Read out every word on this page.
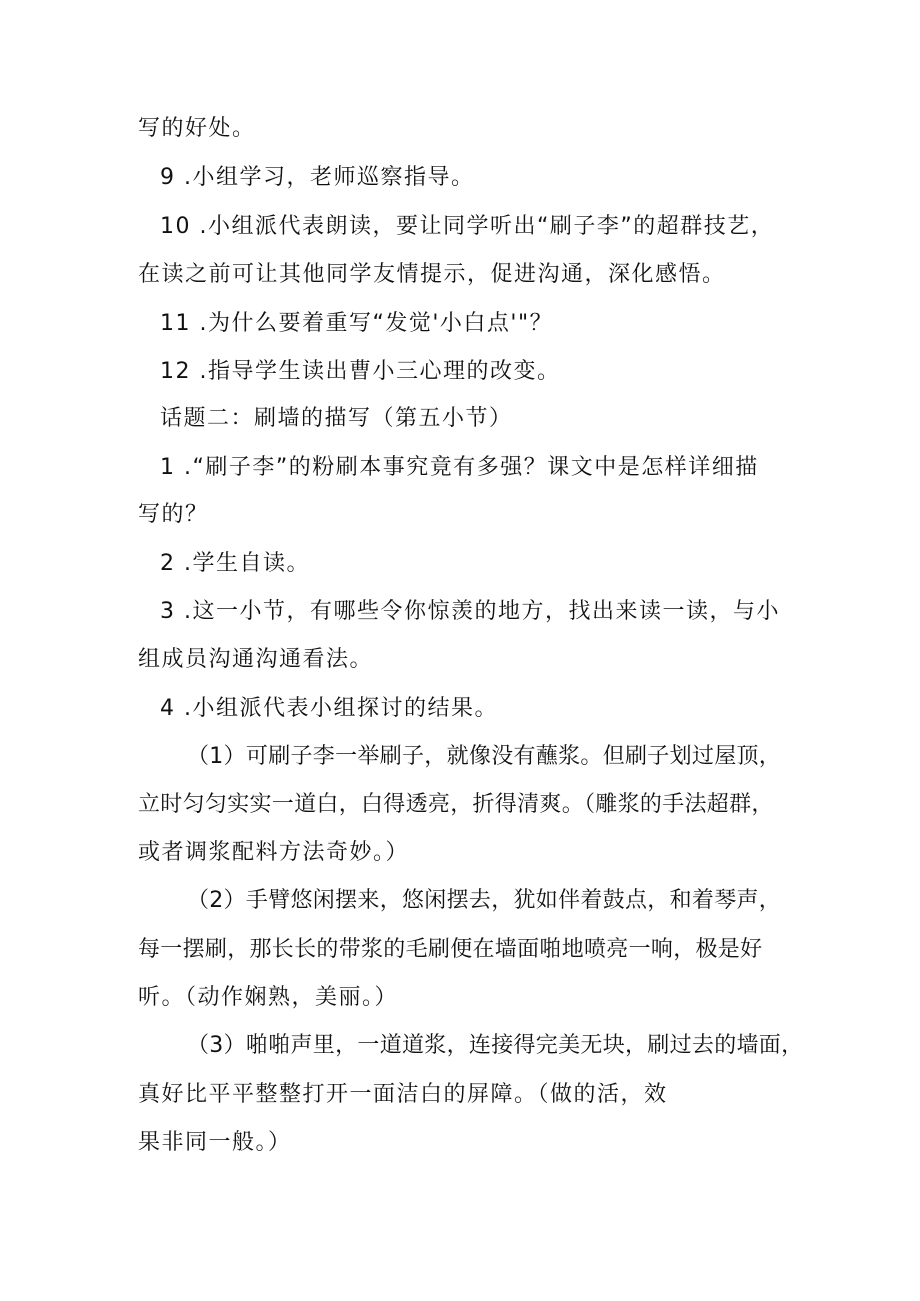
写的好处。
9 .小组学习，老师巡察指导。
10 .小组派代表朗读，要让同学听出“刷子李”的超群技艺，
在读之前可让其他同学友情提示，促进沟通，深化感悟。
11 .为什么要着重写“发觉'小白点'"？
12 .指导学生读出曹小三心理的改变。
话题二：刷墙的描写（第五小节）
1 .“刷子李”的粉刷本事究竟有多强？课文中是怎样详细描
写的？
2 .学生自读。
3 .这一小节，有哪些令你惊羡的地方，找出来读一读，与小
组成员沟通沟通看法。
4 .小组派代表小组探讨的结果。
（1）可刷子李一举刷子，就像没有蘸浆。但刷子划过屋顶，
立时匀匀实实一道白，白得透亮，折得清爽。（雕浆的手法超群，
或者调浆配料方法奇妙。）
（2）手臂悠闲摆来，悠闲摆去，犹如伴着鼓点，和着琴声，
每一摆刷，那长长的带浆的毛刷便在墙面啪地喷亮一响，极是好
听。（动作娴熟，美丽。）
（3）啪啪声里，一道道浆，连接得完美无块，刷过去的墙面，
真好比平平整整打开一面洁白的屏障。（做的活，效
果非同一般。）
